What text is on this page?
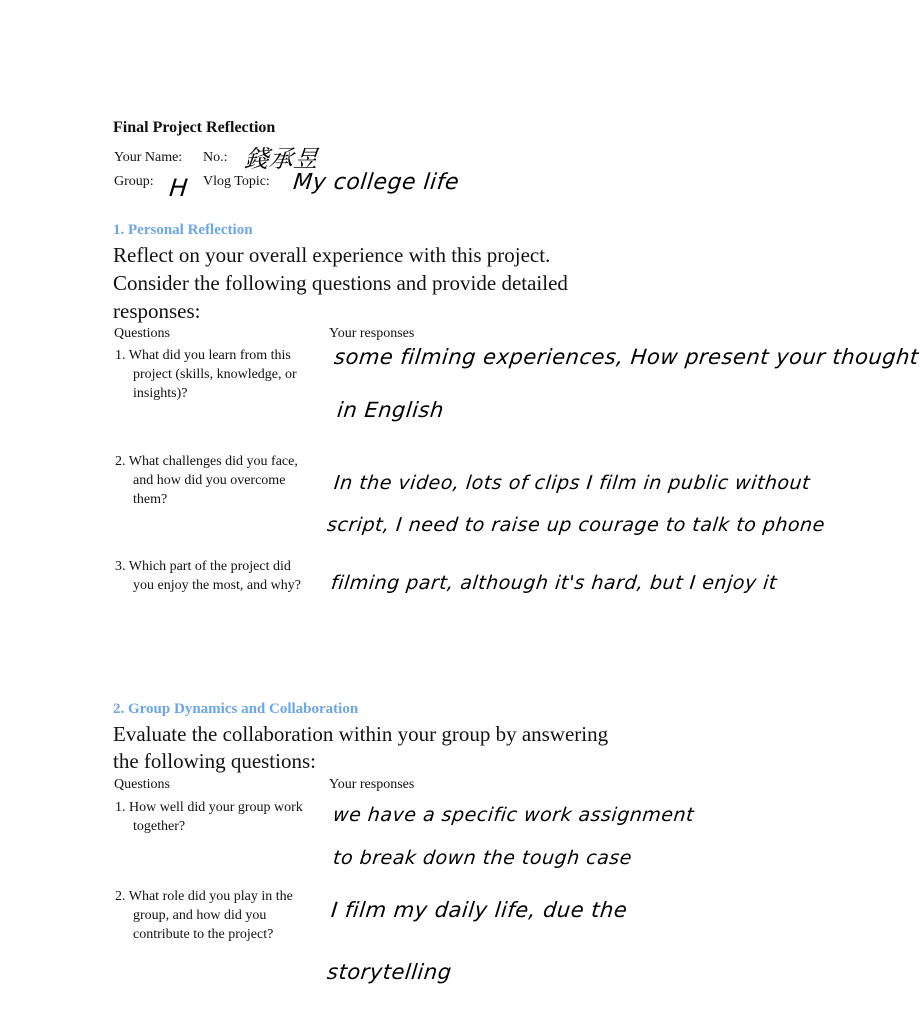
Final Project Reflection
Your Name: No.: 錢承昱
Group: H Vlog Topic: My college life
1. Personal Reflection
Reflect on your overall experience with this project.
Consider the following questions and provide detailed
responses:
Questions	Your responses
1. What did you learn from this
project (skills, knowledge, or
insights)?
some filming experiences, How present your thought
in English
2. What challenges did you face,
and how did you overcome
them?
In the video, lots of clips I film in public without
script, I need to raise up courage to talk to phone
3. Which part of the project did
you enjoy the most, and why? filming part, although it's hard, but I enjoy it
2. Group Dynamics and Collaboration
Evaluate the collaboration within your group by answering
the following questions:
Questions	Your responses
1. How well did your group work
together?
we have a specific work assignment
to break down the tough case
2. What role did you play in the
group, and how did you
contribute to the project?
I film my daily life, due the
storytelling
